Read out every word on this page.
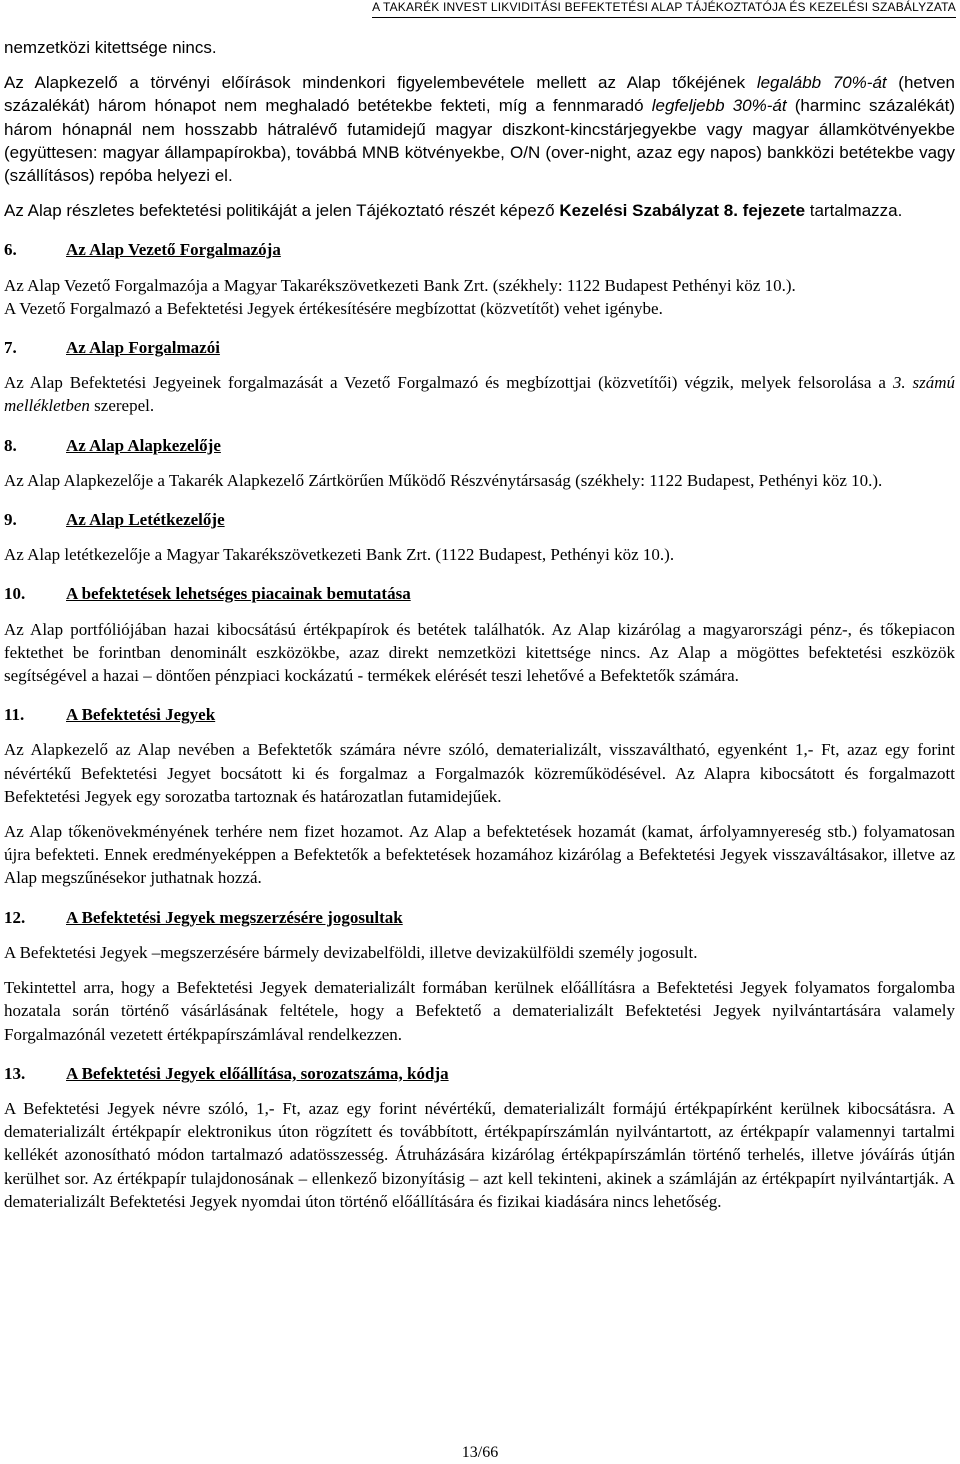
A TAKARÉK INVEST LIKVIDITÁSI BEFEKTETÉSI ALAP TÁJÉKOZTATÓJA ÉS KEZELÉSI SZABÁLYZATA

nemzetközi kitettsége nincs.

Az Alapkezelő a törvényi előírások mindenkori figyelembevétele mellett az Alap tőkéjének legalább 70%-át (hetven százalékát) három hónapot nem meghaladó betétekbe fekteti, míg a fennmaradó legfeljebb 30%-át (harminc százalékát) három hónapnál nem hosszabb hátralévő futamidejű magyar diszkont-kincstárjegyekbe vagy magyar államkötvényekbe (együttesen: magyar állampapírokba), továbbá MNB kötvényekbe, O/N (over-night, azaz egy napos) bankközi betétekbe vagy (szállításos) repóba helyezi el.

Az Alap részletes befektetési politikáját a jelen Tájékoztató részét képező Kezelési Szabályzat 8. fejezete tartalmazza.

6.	Az Alap Vezető Forgalmazója

Az Alap Vezető Forgalmazója a Magyar Takarékszövetkezeti Bank Zrt. (székhely: 1122 Budapest Pethényi köz 10.).

A Vezető Forgalmazó a Befektetési Jegyek értékesítésére megbízottat (közvetítőt) vehet igénybe.

7.	Az Alap Forgalmazói

Az Alap Befektetési Jegyeinek forgalmazását a Vezető Forgalmazó és megbízottjai (közvetítői) végzik, melyek felsorolása a 3. számú mellékletben szerepel.

8.	Az Alap Alapkezelője

Az Alap Alapkezelője a Takarék Alapkezelő Zártkörűen Működő Részvénytársaság (székhely: 1122 Budapest, Pethényi köz 10.).

9.	Az Alap Letétkezelője

Az Alap letétkezelője a Magyar Takarékszövetkezeti Bank Zrt. (1122 Budapest, Pethényi köz 10.).

10.	A befektetések lehetséges piacainak bemutatása

Az Alap portfóliójában hazai kibocsátású értékpapírok és betétek találhatók. Az Alap kizárólag a magyarországi pénz-, és tőkepiacon fektethet be forintban denominált eszközökbe, azaz direkt nemzetközi kitettsége nincs. Az Alap a mögöttes befektetési eszközök segítségével a hazai – döntően pénzpiaci kockázatú - termékek elérését teszi lehetővé a Befektetők számára.

11.	A Befektetési Jegyek

Az Alapkezelő az Alap nevében a Befektetők számára névre szóló, dematerializált, visszaváltható, egyenként 1,- Ft, azaz egy forint névértékű Befektetési Jegyet bocsátott ki és forgalmaz a Forgalmazók közreműködésével. Az Alapra kibocsátott és forgalmazott Befektetési Jegyek egy sorozatba tartoznak és határozatlan futamidejűek.

Az Alap tőkenövekményének terhére nem fizet hozamot. Az Alap a befektetések hozamát (kamat, árfolyamnyereség stb.) folyamatosan újra befekteti. Ennek eredményeképpen a Befektetők a befektetések hozamához kizárólag a Befektetési Jegyek visszaváltásakor, illetve az Alap megszűnésekor juthatnak hozzá.

12.	A Befektetési Jegyek megszerzésére jogosultak

A Befektetési Jegyek –megszerzésére bármely devizabelföldi, illetve devizakülföldi személy jogosult.

Tekintettel arra, hogy a Befektetési Jegyek dematerializált formában kerülnek előállításra a Befektetési Jegyek folyamatos forgalomba hozatala során történő vásárlásának feltétele, hogy a Befektető a dematerializált Befektetési Jegyek nyilvántartására valamely Forgalmazónál vezetett értékpapírszámlával rendelkezzen.

13.	A Befektetési Jegyek előállítása, sorozatszáma, kódja

A Befektetési Jegyek névre szóló, 1,- Ft, azaz egy forint névértékű, dematerializált formájú értékpapírként kerülnek kibocsátásra. A dematerializált értékpapír elektronikus úton rögzített és továbbított, értékpapírszámlán nyilvántartott, az értékpapír valamennyi tartalmi kellékét azonosítható módon tartalmazó adatösszesség. Átruházására kizárólag értékpapírszámlán történő terhelés, illetve jóváírás útján kerülhet sor. Az értékpapír tulajdonosának – ellenkező bizonyításig – azt kell tekinteni, akinek a számláján az értékpapírt nyilvántartják. A dematerializált Befektetési Jegyek nyomdai úton történő előállítására és fizikai kiadására nincs lehetőség.

13/66
